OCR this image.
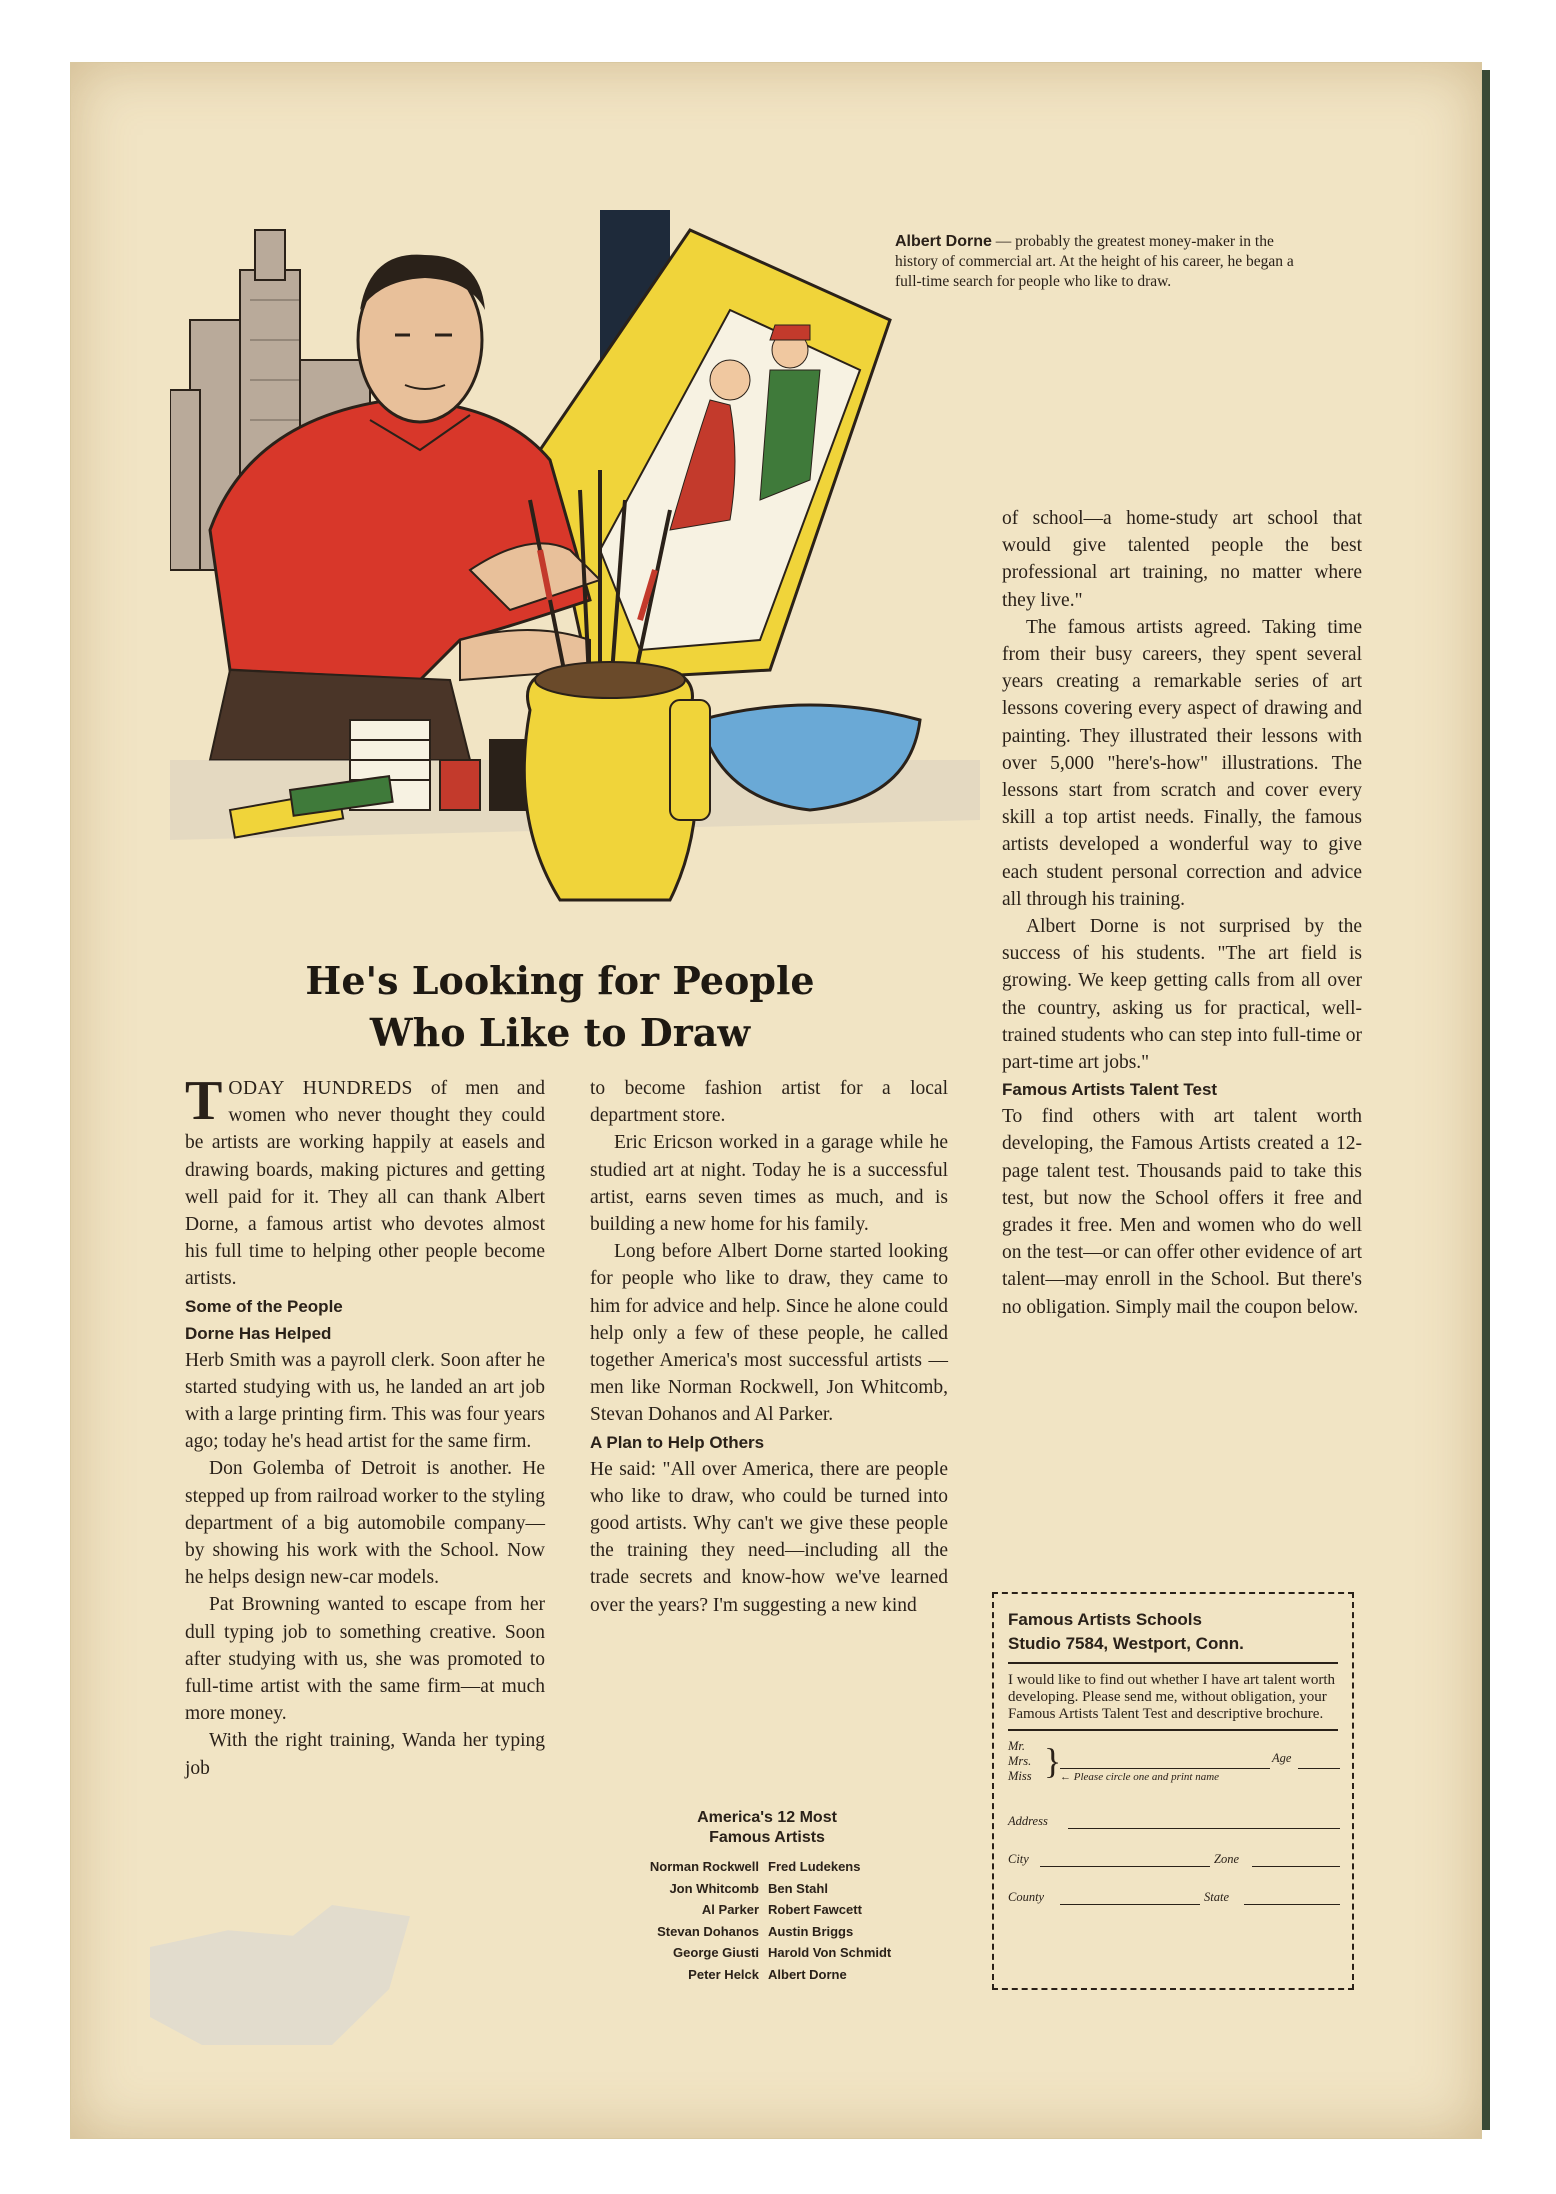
Albert Dorne — probably the greatest money-maker in the history of commercial art. At the height of his career, he began a full-time search for people who like to draw.
He's Looking for People
Who Like to Draw

TODAY HUNDREDS of men and women who never thought they could be artists are working happily at easels and drawing boards, making pictures and getting well paid for it. They all can thank Albert Dorne, a famous artist who devotes almost his full time to helping other people become artists.

Some of the People
Dorne Has Helped

Herb Smith was a payroll clerk. Soon after he started studying with us, he landed an art job with a large printing firm. This was four years ago; today he's head artist for the same firm.

Don Golemba of Detroit is another. He stepped up from railroad worker to the styling department of a big automobile company—by showing his work with the School. Now he helps design new-car models.

Pat Browning wanted to escape from her dull typing job to something creative. Soon after studying with us, she was promoted to full-time artist with the same firm—at much more money.

With the right training, Wanda her typing job

to become fashion artist for a local department store.

Eric Ericson worked in a garage while he studied art at night. Today he is a successful artist, earns seven times as much, and is building a new home for his family.

Long before Albert Dorne started looking for people who like to draw, they came to him for advice and help. Since he alone could help only a few of these people, he called together America's most successful artists —men like Norman Rockwell, Jon Whitcomb, Stevan Dohanos and Al Parker.

A Plan to Help Others

He said: "All over America, there are people who like to draw, who could be turned into good artists. Why can't we give these people the training they need—including all the trade secrets and know-how we've learned over the years? I'm suggesting a new kind

America's 12 Most
Famous Artists
Norman Rockwell	Fred Ludekens
Jon Whitcomb	Ben Stahl
Al Parker	Robert Fawcett
Stevan Dohanos	Austin Briggs
George Giusti	Harold Von Schmidt
Peter Helck	Albert Dorne

of school—a home-study art school that would give talented people the best professional art training, no matter where they live."

The famous artists agreed. Taking time from their busy careers, they spent several years creating a remarkable series of art lessons covering every aspect of drawing and painting. They illustrated their lessons with over 5,000 "here's-how" illustrations. The lessons start from scratch and cover every skill a top artist needs. Finally, the famous artists developed a wonderful way to give each student personal correction and advice all through his training.

Albert Dorne is not surprised by the success of his students. "The art field is growing. We keep getting calls from all over the country, asking us for practical, well-trained students who can step into full-time or part-time art jobs."

Famous Artists Talent Test

To find others with art talent worth developing, the Famous Artists created a 12-page talent test. Thousands paid to take this test, but now the School offers it free and grades it free. Men and women who do well on the test—or can offer other evidence of art talent—may enroll in the School. But there's no obligation. Simply mail the coupon below.

Famous Artists Schools
Studio 7584, Westport, Conn.
I would like to find out whether I have art talent worth developing. Please send me, without obligation, your Famous Artists Talent Test and descriptive brochure.
Mr.
Mrs.
Miss }	Age
← Please circle one and print name
Address
City	Zone
County	State
